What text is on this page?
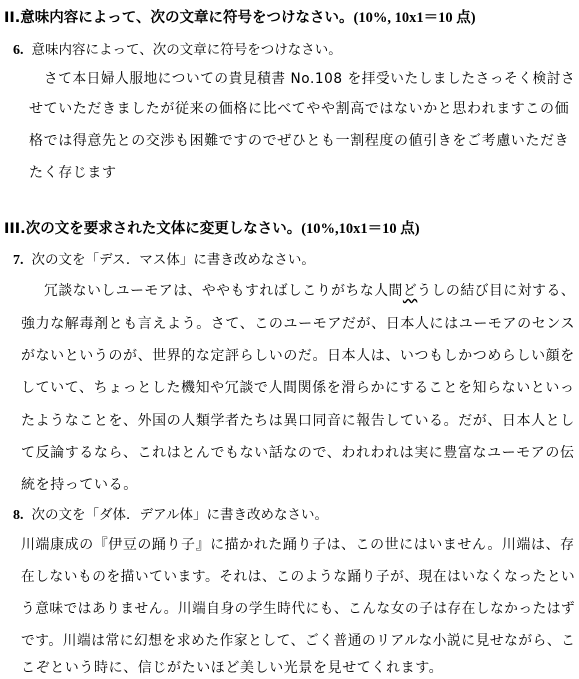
II.意味内容によって、次の文章に符号をつけなさい。(10%, 10x1＝10 点)
6. 意味内容によって、次の文章に符号をつけなさい。
さて本日婦人服地についての貴見積書 No.108 を拝受いたしましたさっそく検討さ
せていただきましたが従来の価格に比べてやや割高ではないかと思われますこの価
格では得意先との交渉も困難ですのでぜひとも一割程度の値引きをご考慮いただき
たく存じます
III.次の文を要求された文体に変更しなさい。(10%,10x1＝10 点)
7. 次の文を「デス．マス体」に書き改めなさい。
冗談ないしユーモアは、ややもすればしこりがちな人間どうしの結び目に対する、
強力な解毒剤とも言えよう。さて、このユーモアだが、日本人にはユーモアのセンス
がないというのが、世界的な定評らしいのだ。日本人は、いつもしかつめらしい顔を
していて、ちょっとした機知や冗談で人間関係を滑らかにすることを知らないといっ
たようなことを、外国の人類学者たちは異口同音に報告している。だが、日本人とし
て反論するなら、これはとんでもない話なので、われわれは実に豊富なユーモアの伝
統を持っている。
8. 次の文を「ダ体．デアル体」に書き改めなさい。
川端康成の『伊豆の踊り子』に描かれた踊り子は、この世にはいません。川端は、存
在しないものを描いています。それは、このような踊り子が、現在はいなくなったとい
う意味ではありません。川端自身の学生時代にも、こんな女の子は存在しなかったはず
です。川端は常に幻想を求めた作家として、ごく普通のリアルな小説に見せながら、こ
こぞという時に、信じがたいほど美しい光景を見せてくれます。
